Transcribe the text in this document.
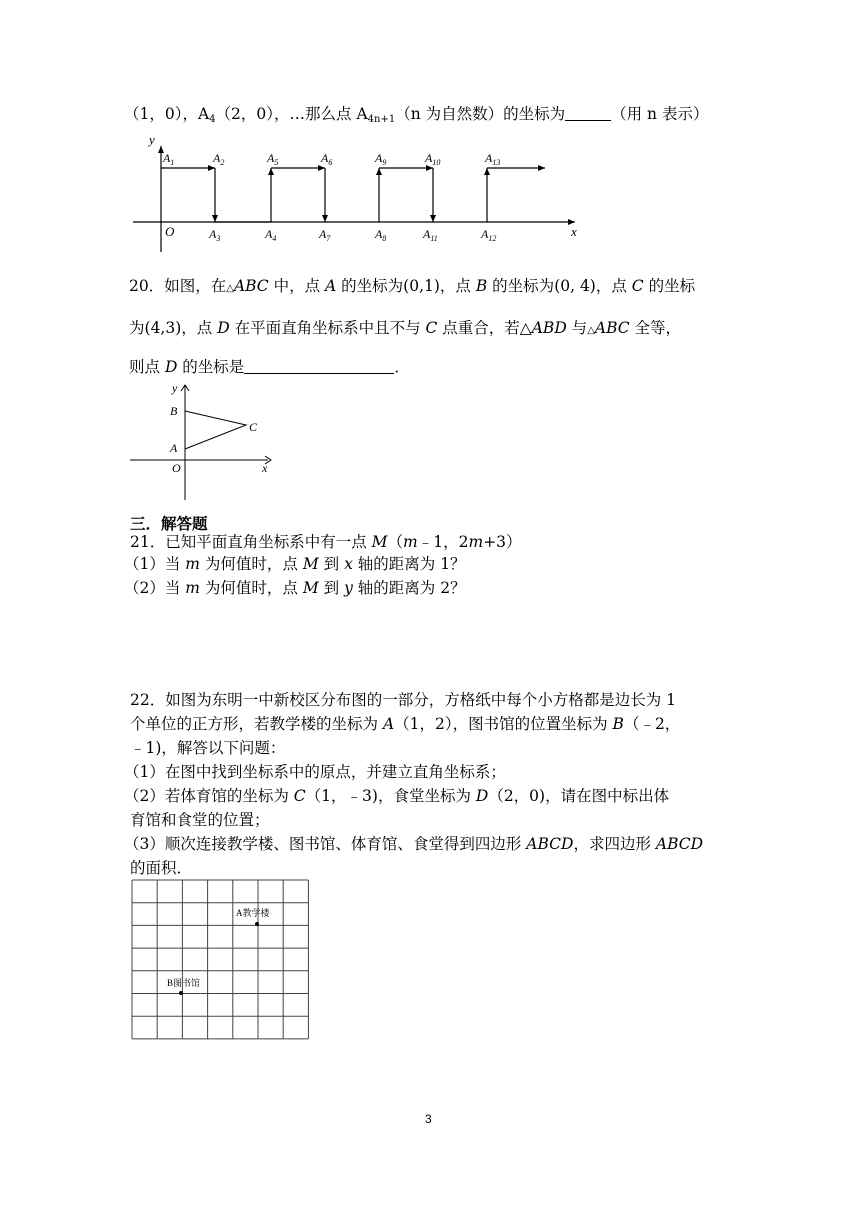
（1，0），$A_4(2$，0），…那么点 $A_{4n+1}(n$ 为自然数）的坐标为	（用 n 表示）
y
x
O
$A_1$	$A_2$	$A_5$	$A_6$	$A_9$	$A_{10}$	$A_{13}$
$A_3$	$A_4$	$A_7$	$A_8$	$A_{11}$	$A_{12}$
20．如图，在△ABC 中，点 A 的坐标为(0,1)，点 B 的坐标为(0, 4)，点 C 的坐标
为(4,3)，点 D 在平面直角坐标系中且不与 C 点重合，若△ABD 与△ABC 全等，
则点 D 的坐标是	．
y
x
O
A
B
C
三．解答题
21．已知平面直角坐标系中有一点 M（m﹣1，2m+3）
（1）当 m 为何值时，点 M 到 x 轴的距离为 1？
（2）当 m 为何值时，点 M 到 y 轴的距离为 2？
22．如图为东明一中新校区分布图的一部分，方格纸中每个小方格都是边长为 1
个单位的正方形，若教学楼的坐标为 A（1，2），图书馆的位置坐标为 B（﹣2，
﹣1)，解答以下问题：
（1）在图中找到坐标系中的原点，并建立直角坐标系；
（2）若体育馆的坐标为 C（1，﹣3)，食堂坐标为 D（2，0)，请在图中标出体
育馆和食堂的位置；
（3）顺次连接教学楼、图书馆、体育馆、食堂得到四边形 ABCD，求四边形 ABCD
的面积．
A教学楼
B图书馆
3
